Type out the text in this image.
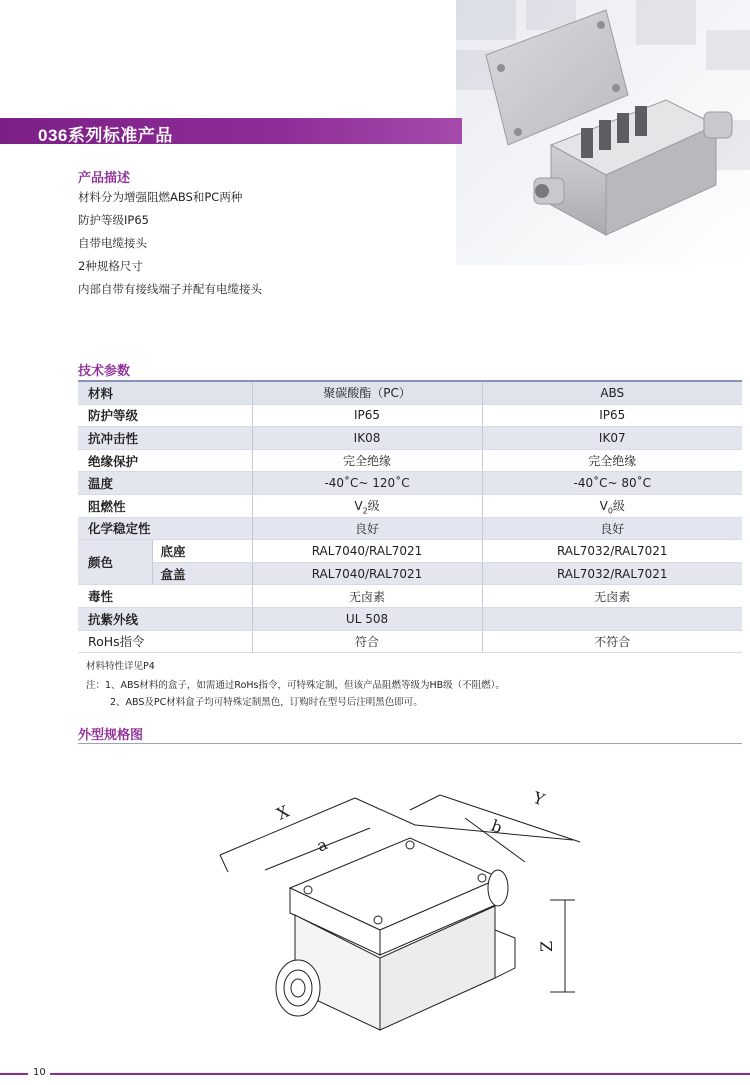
036系列标准产品
产品描述
材料分为增强阻燃ABS和PC两种
防护等级IP65
自带电缆接头
2种规格尺寸
内部自带有接线端子并配有电缆接头
技术参数
材料		聚碳酸酯（PC）	ABS
防护等级		IP65	IP65
抗冲击性		IK08	IK07
绝缘保护		完全绝缘	完全绝缘
温度		-40˚C~ 120˚C	-40˚C~ 80˚C
阻燃性		$V_2$级	$V_0$级
化学稳定性		良好	良好
颜色	底座	RAL7040/RAL7021	RAL7032/RAL7021
	盒盖	RAL7040/RAL7021	RAL7032/RAL7021
毒性		无卤素	无卤素
抗紫外线		UL 508	
RoHs指令		符合	不符合
材料特性详见P4
注：1、ABS材料的盒子，如需通过RoHs指令，可特殊定制，但该产品阻燃等级为HB级（不阻燃）。
2、ABS及PC材料盒子均可特殊定制黑色，订购时在型号后注明黑色即可。
外型规格图
X
a
Y
b
Z
10
